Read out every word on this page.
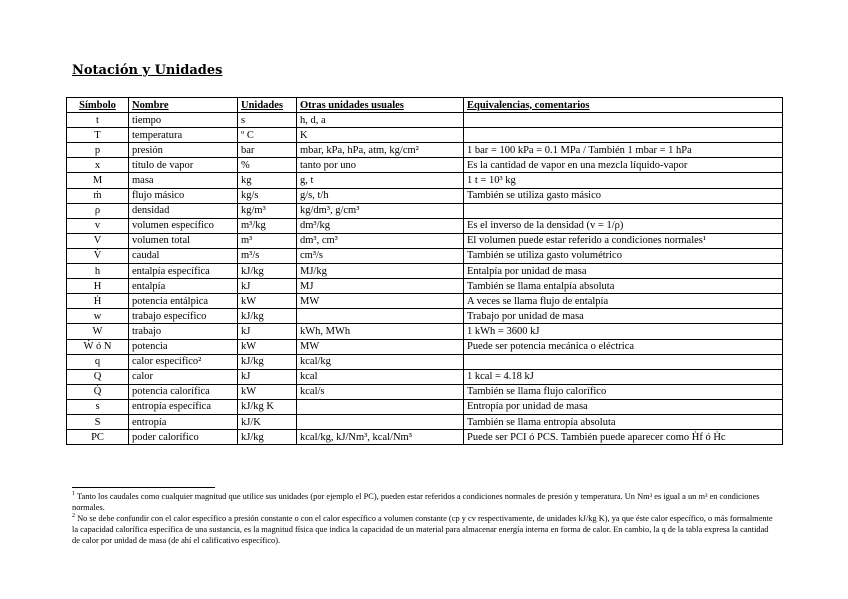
Notación y Unidades
Símbolo	Nombre	Unidades	Otras unidades usuales	Equivalencias, comentarios
t	tiempo	s	h, d, a	
T	temperatura	º C	K	
p	presión	bar	mbar, kPa, hPa, atm, kg/cm²	1 bar = 100 kPa = 0.1 MPa / También 1 mbar = 1 hPa
x	título de vapor	%	tanto por uno	Es la cantidad de vapor en una mezcla líquido-vapor
M	masa	kg	g, t	1 t = 10³ kg
ṁ	flujo másico	kg/s	g/s, t/h	También se utiliza gasto másico
ρ	densidad	kg/m³	kg/dm³, g/cm³	
v	volumen específico	m³/kg	dm³/kg	Es el inverso de la densidad (v = 1/ρ)
V	volumen total	m³	dm³, cm³	El volumen puede estar referido a condiciones normales¹
V̇	caudal	m³/s	cm³/s	También se utiliza gasto volumétrico
h	entalpía específica	kJ/kg	MJ/kg	Entalpía por unidad de masa
H	entalpía	kJ	MJ	También se llama entalpía absoluta
Ḣ	potencia entálpica	kW	MW	A veces se llama flujo de entalpía
w	trabajo específico	kJ/kg		Trabajo por unidad de masa
W	trabajo	kJ	kWh, MWh	1 kWh = 3600 kJ
Ẇ ó N	potencia	kW	MW	Puede ser potencia mecánica o eléctrica
q	calor específico²	kJ/kg	kcal/kg	
Q	calor	kJ	kcal	1 kcal = 4.18 kJ
Q̇	potencia calorífica	kW	kcal/s	También se llama flujo calorífico
s	entropía específica	kJ/kg K		Entropía por unidad de masa
S	entropía	kJ/K		También se llama entropía absoluta
PC	poder calorífico	kJ/kg	kcal/kg, kJ/Nm³, kcal/Nm³	Puede ser PCI ó PCS. También puede aparecer como Ḣf ó Ḣc

$^1$ Tanto los caudales como cualquier magnitud que utilice sus unidades (por ejemplo el PC), pueden estar referidos a condiciones normales de presión y temperatura. Un Nm³ es igual a un m³ en condiciones normales.

$^2$ No se debe confundir con el calor específico a presión constante o con el calor específico a volumen constante (cp y cv respectivamente, de unidades kJ/kg K), ya que éste calor específico, o más formalmente la capacidad calorífica específica de una sustancia, es la magnitud física que indica la capacidad de un material para almacenar energía interna en forma de calor. En cambio, la q de la tabla expresa la cantidad de calor por unidad de masa (de ahí el calificativo específico).
